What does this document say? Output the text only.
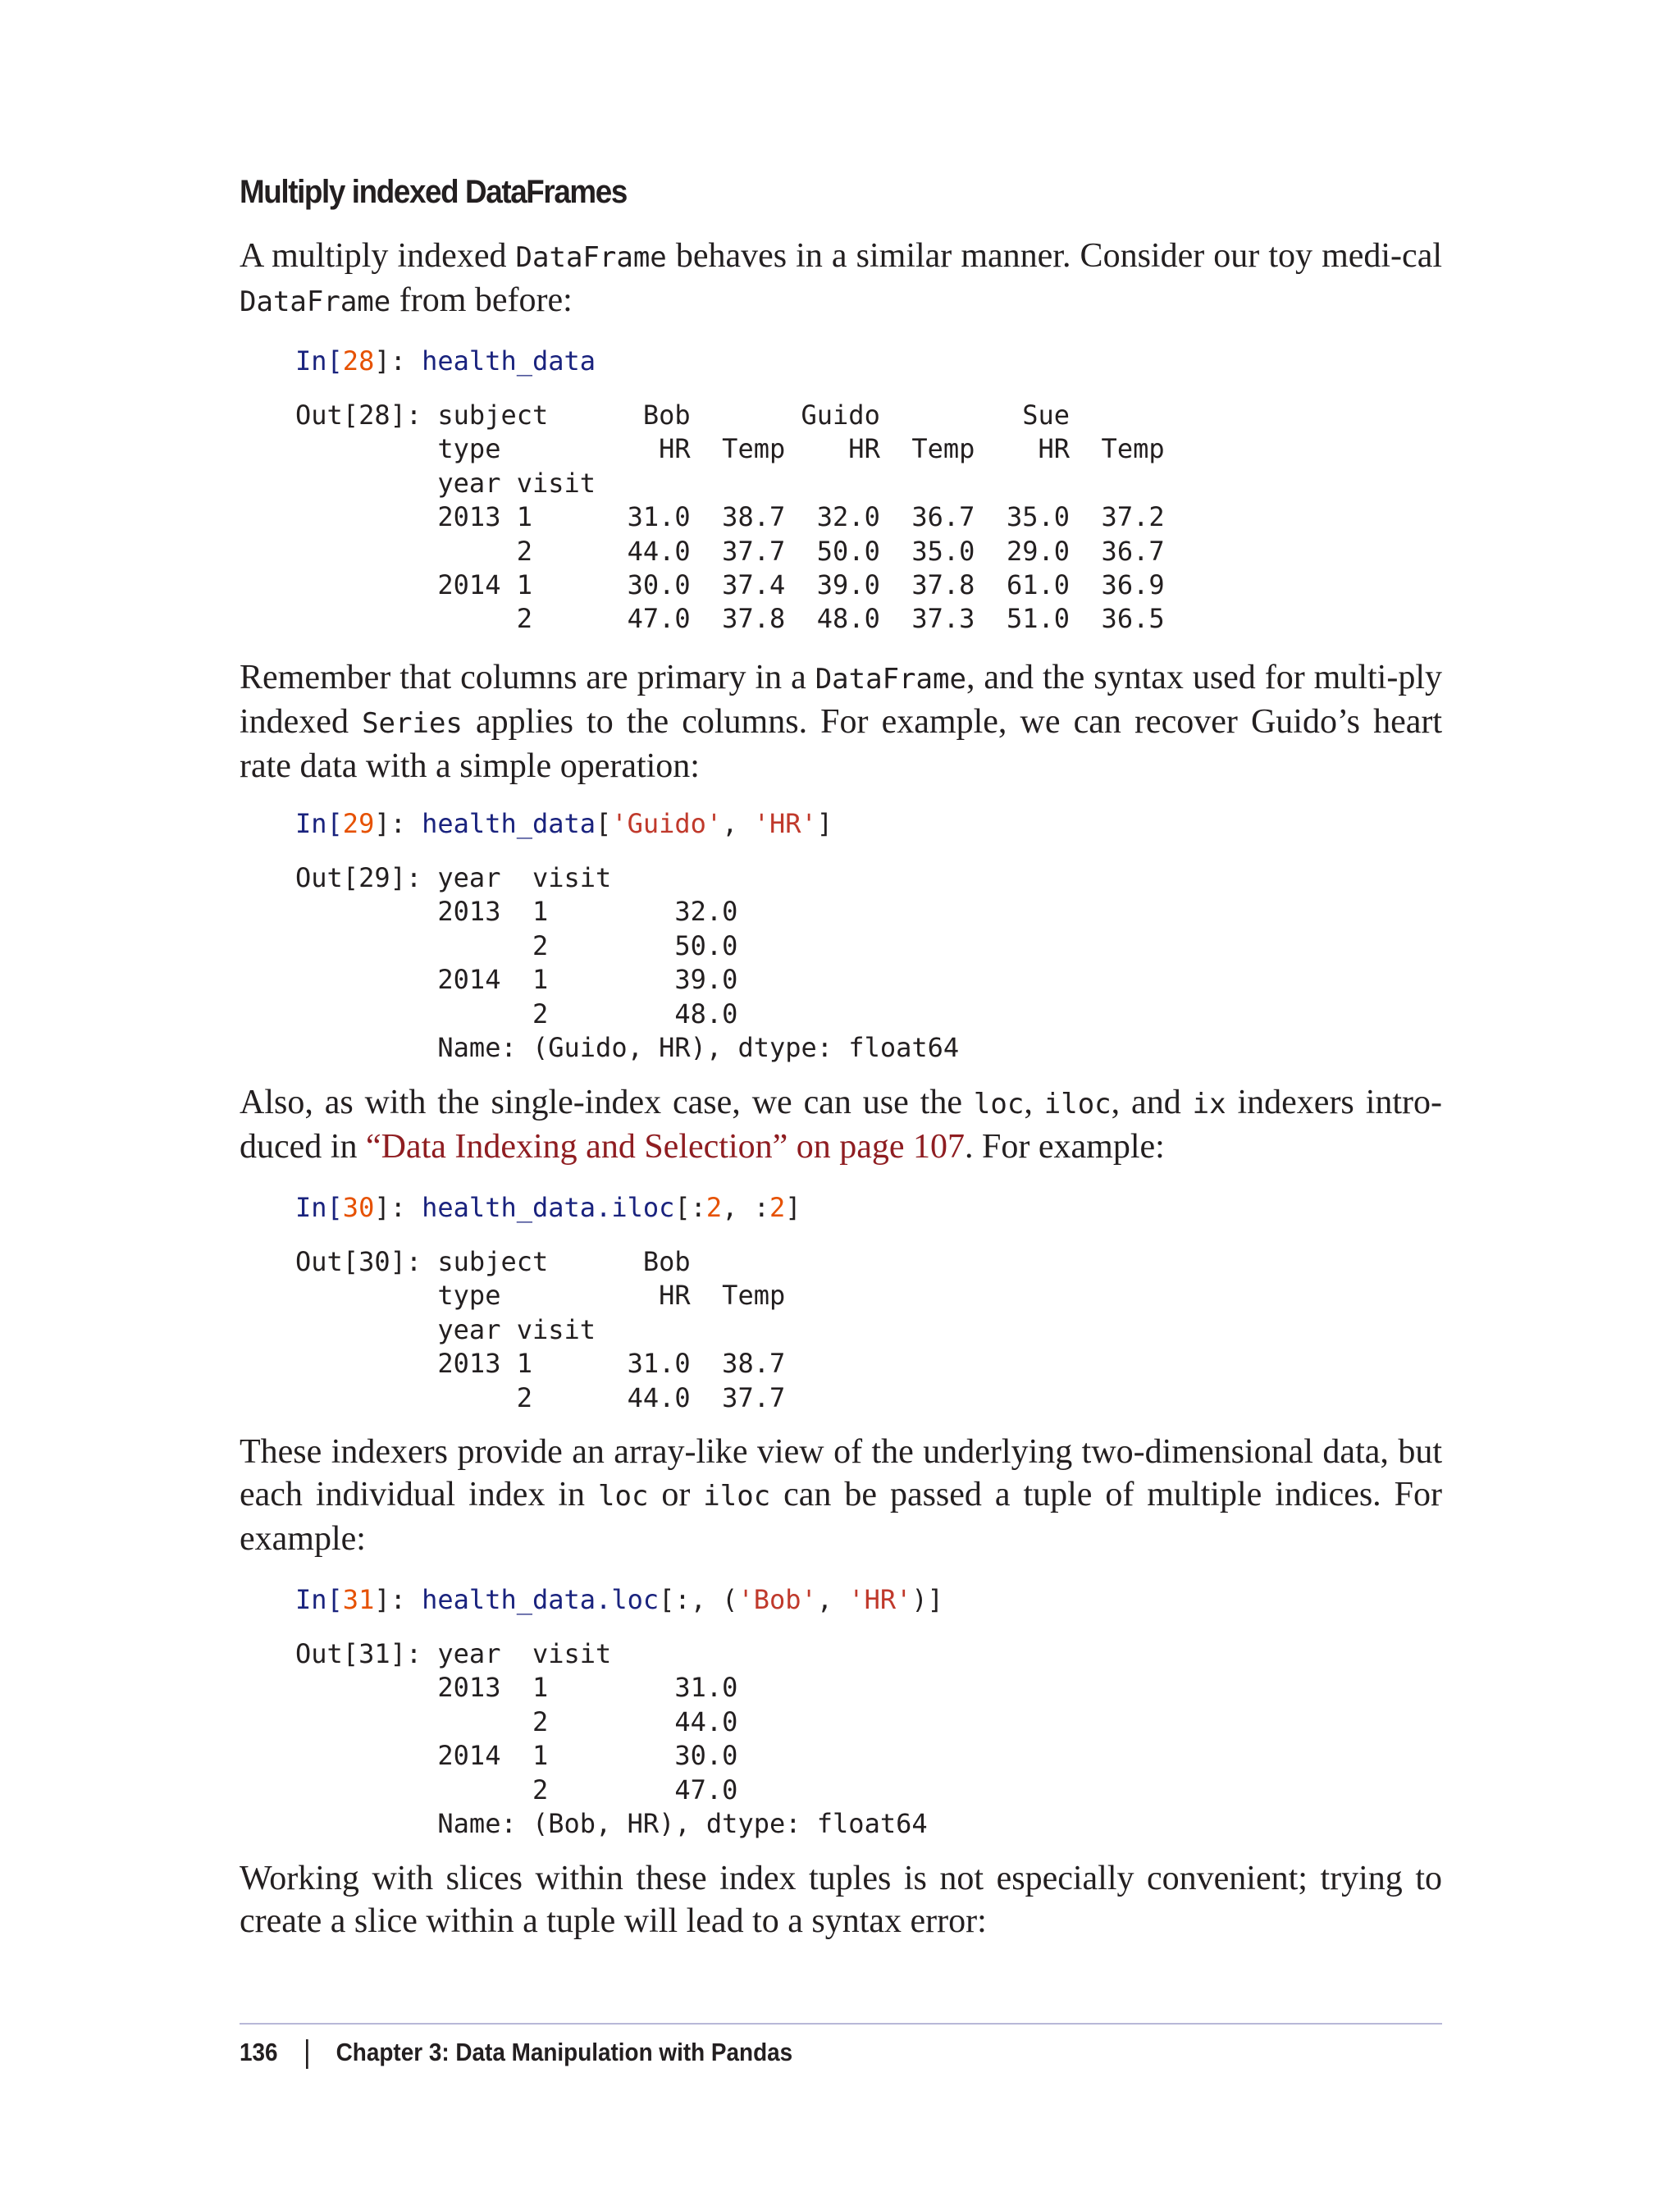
Multiply indexed DataFrames

A multiply indexed DataFrame behaves in a similar manner. Consider our toy medi-cal DataFrame from before:

In[28]: health_data
Out[28]: subject      Bob       Guido         Sue
type          HR  Temp    HR  Temp    HR  Temp
year visit
2013 1      31.0  38.7  32.0  36.7  35.0  37.2
2      44.0  37.7  50.0  35.0  29.0  36.7
2014 1      30.0  37.4  39.0  37.8  61.0  36.9
2      47.0  37.8  48.0  37.3  51.0  36.5

Remember that columns are primary in a DataFrame, and the syntax used for multi-ply indexed Series applies to the columns. For example, we can recover Guido’s heart rate data with a simple operation:

In[29]: health_data['Guido', 'HR']
Out[29]: year  visit
2013  1        32.0
2        50.0
2014  1        39.0
2        48.0
Name: (Guido, HR), dtype: float64

Also, as with the single-index case, we can use the loc, iloc, and ix indexers intro-duced in “Data Indexing and Selection” on page 107. For example:

In[30]: health_data.iloc[:2, :2]
Out[30]: subject      Bob
type          HR  Temp
year visit
2013 1      31.0  38.7
2      44.0  37.7

These indexers provide an array-like view of the underlying two-dimensional data, but each individual index in loc or iloc can be passed a tuple of multiple indices. For example:

In[31]: health_data.loc[:, ('Bob', 'HR')]
Out[31]: year  visit
2013  1        31.0
2        44.0
2014  1        30.0
2        47.0
Name: (Bob, HR), dtype: float64

Working with slices within these index tuples is not especially convenient; trying to create a slice within a tuple will lead to a syntax error:

136 Chapter 3: Data Manipulation with Pandas
